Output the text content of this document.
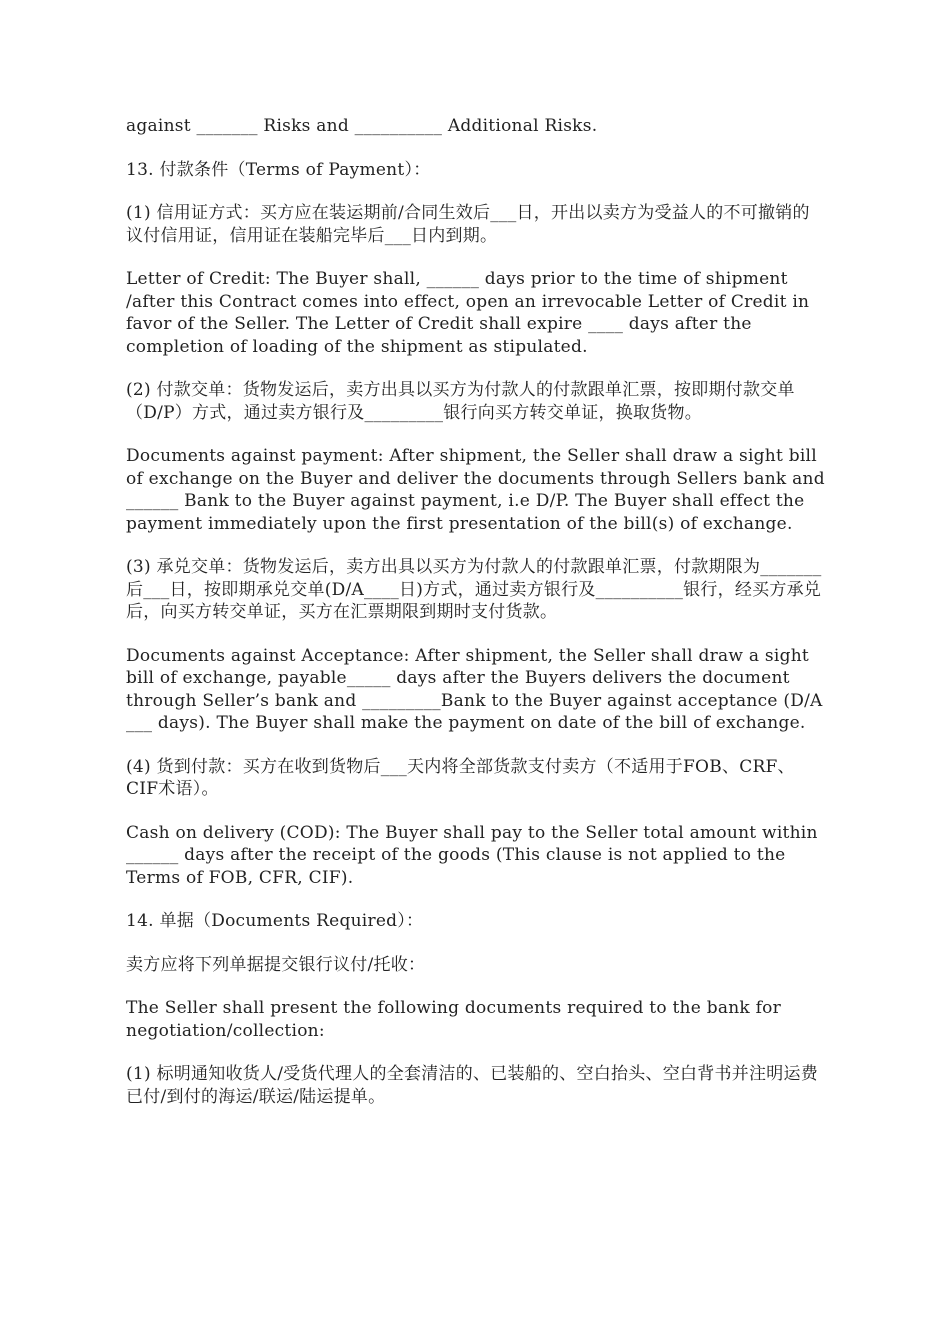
against _______ Risks and __________ Additional Risks.

13. 付款条件（Terms of Payment）：

(1) 信用证方式：买方应在装运期前/合同生效后___日，开出以卖方为受益人的不可撤销的议付信用证，信用证在装船完毕后___日内到期。

Letter of Credit: The Buyer shall, ______ days prior to the time of shipment /after this Contract comes into effect, open an irrevocable Letter of Credit in favor of the Seller. The Letter of Credit shall expire ____ days after the completion of loading of the shipment as stipulated.

(2) 付款交单：货物发运后，卖方出具以买方为付款人的付款跟单汇票，按即期付款交单（D/P）方式，通过卖方银行及_________银行向买方转交单证，换取货物。

Documents against payment: After shipment, the Seller shall draw a sight bill of exchange on the Buyer and deliver the documents through Sellers bank and ______ Bank to the Buyer against payment, i.e D/P. The Buyer shall effect the payment immediately upon the first presentation of the bill(s) of exchange.

(3) 承兑交单：货物发运后，卖方出具以买方为付款人的付款跟单汇票，付款期限为_______后___日，按即期承兑交单(D/A____日)方式，通过卖方银行及__________银行，经买方承兑后，向买方转交单证，买方在汇票期限到期时支付货款。

Documents against Acceptance: After shipment, the Seller shall draw a sight bill of exchange, payable_____ days after the Buyers delivers the document through Seller’s bank and _________Bank to the Buyer against acceptance (D/A ___ days). The Buyer shall make the payment on date of the bill of exchange.

(4) 货到付款：买方在收到货物后___天内将全部货款支付卖方（不适用于FOB、CRF、CIF术语）。

Cash on delivery (COD): The Buyer shall pay to the Seller total amount within ______ days after the receipt of the goods (This clause is not applied to the Terms of FOB, CFR, CIF).

14. 单据（Documents Required）：

卖方应将下列单据提交银行议付/托收：

The Seller shall present the following documents required to the bank for negotiation/collection:

(1) 标明通知收货人/受货代理人的全套清洁的、已装船的、空白抬头、空白背书并注明运费已付/到付的海运/联运/陆运提单。
